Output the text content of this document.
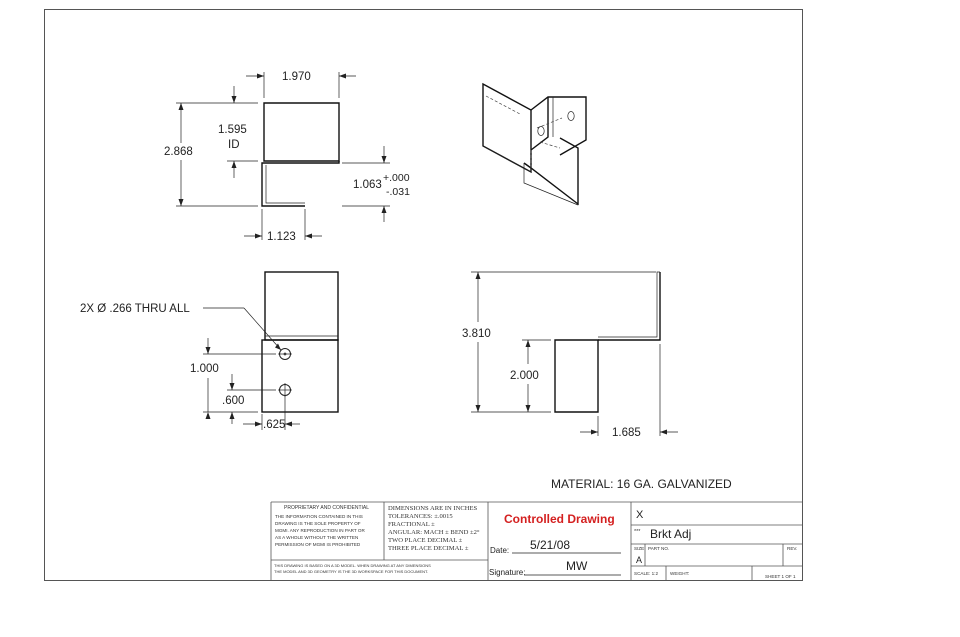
1.970
2.868
1.595
ID
1.063
+.000
-.031
1.123
2X Ø .266 THRU ALL
1.000
.600
.625
3.810
2.000
1.685
MATERIAL: 16 GA. GALVANIZED
PROPRIETARY AND CONFIDENTIAL
THE INFORMATION CONTAINED IN THIS
DRAWING IS THE SOLE PROPERTY OF
MGMI. ANY REPRODUCTION IN PART OR
AS A WHOLE WITHOUT THE WRITTEN
PERMISSION OF MGMI IS PROHIBITED
THIS DRAWING IS BASED ON A 3D MODEL. WHEN DRAWING AT ANY DIMENSIONS
THE MODEL AND 3D GEOMETRY IS THE 3D WORKSPACE FOR THIS DOCUMENT.
DIMENSIONS ARE IN INCHES
TOLERANCES: ±.0015
FRACTIONAL ±
ANGULAR: MACH ± BEND ±2°
TWO PLACE DECIMAL ±
THREE PLACE DECIMAL ±
Controlled Drawing
Date: 5/21/08
Signature:	MW
X
*** Brkt Adj
SIZE
A
PART NO.	REV.
SCALE: 1:2	WEIGHT:
SHEET 1 OF 1
